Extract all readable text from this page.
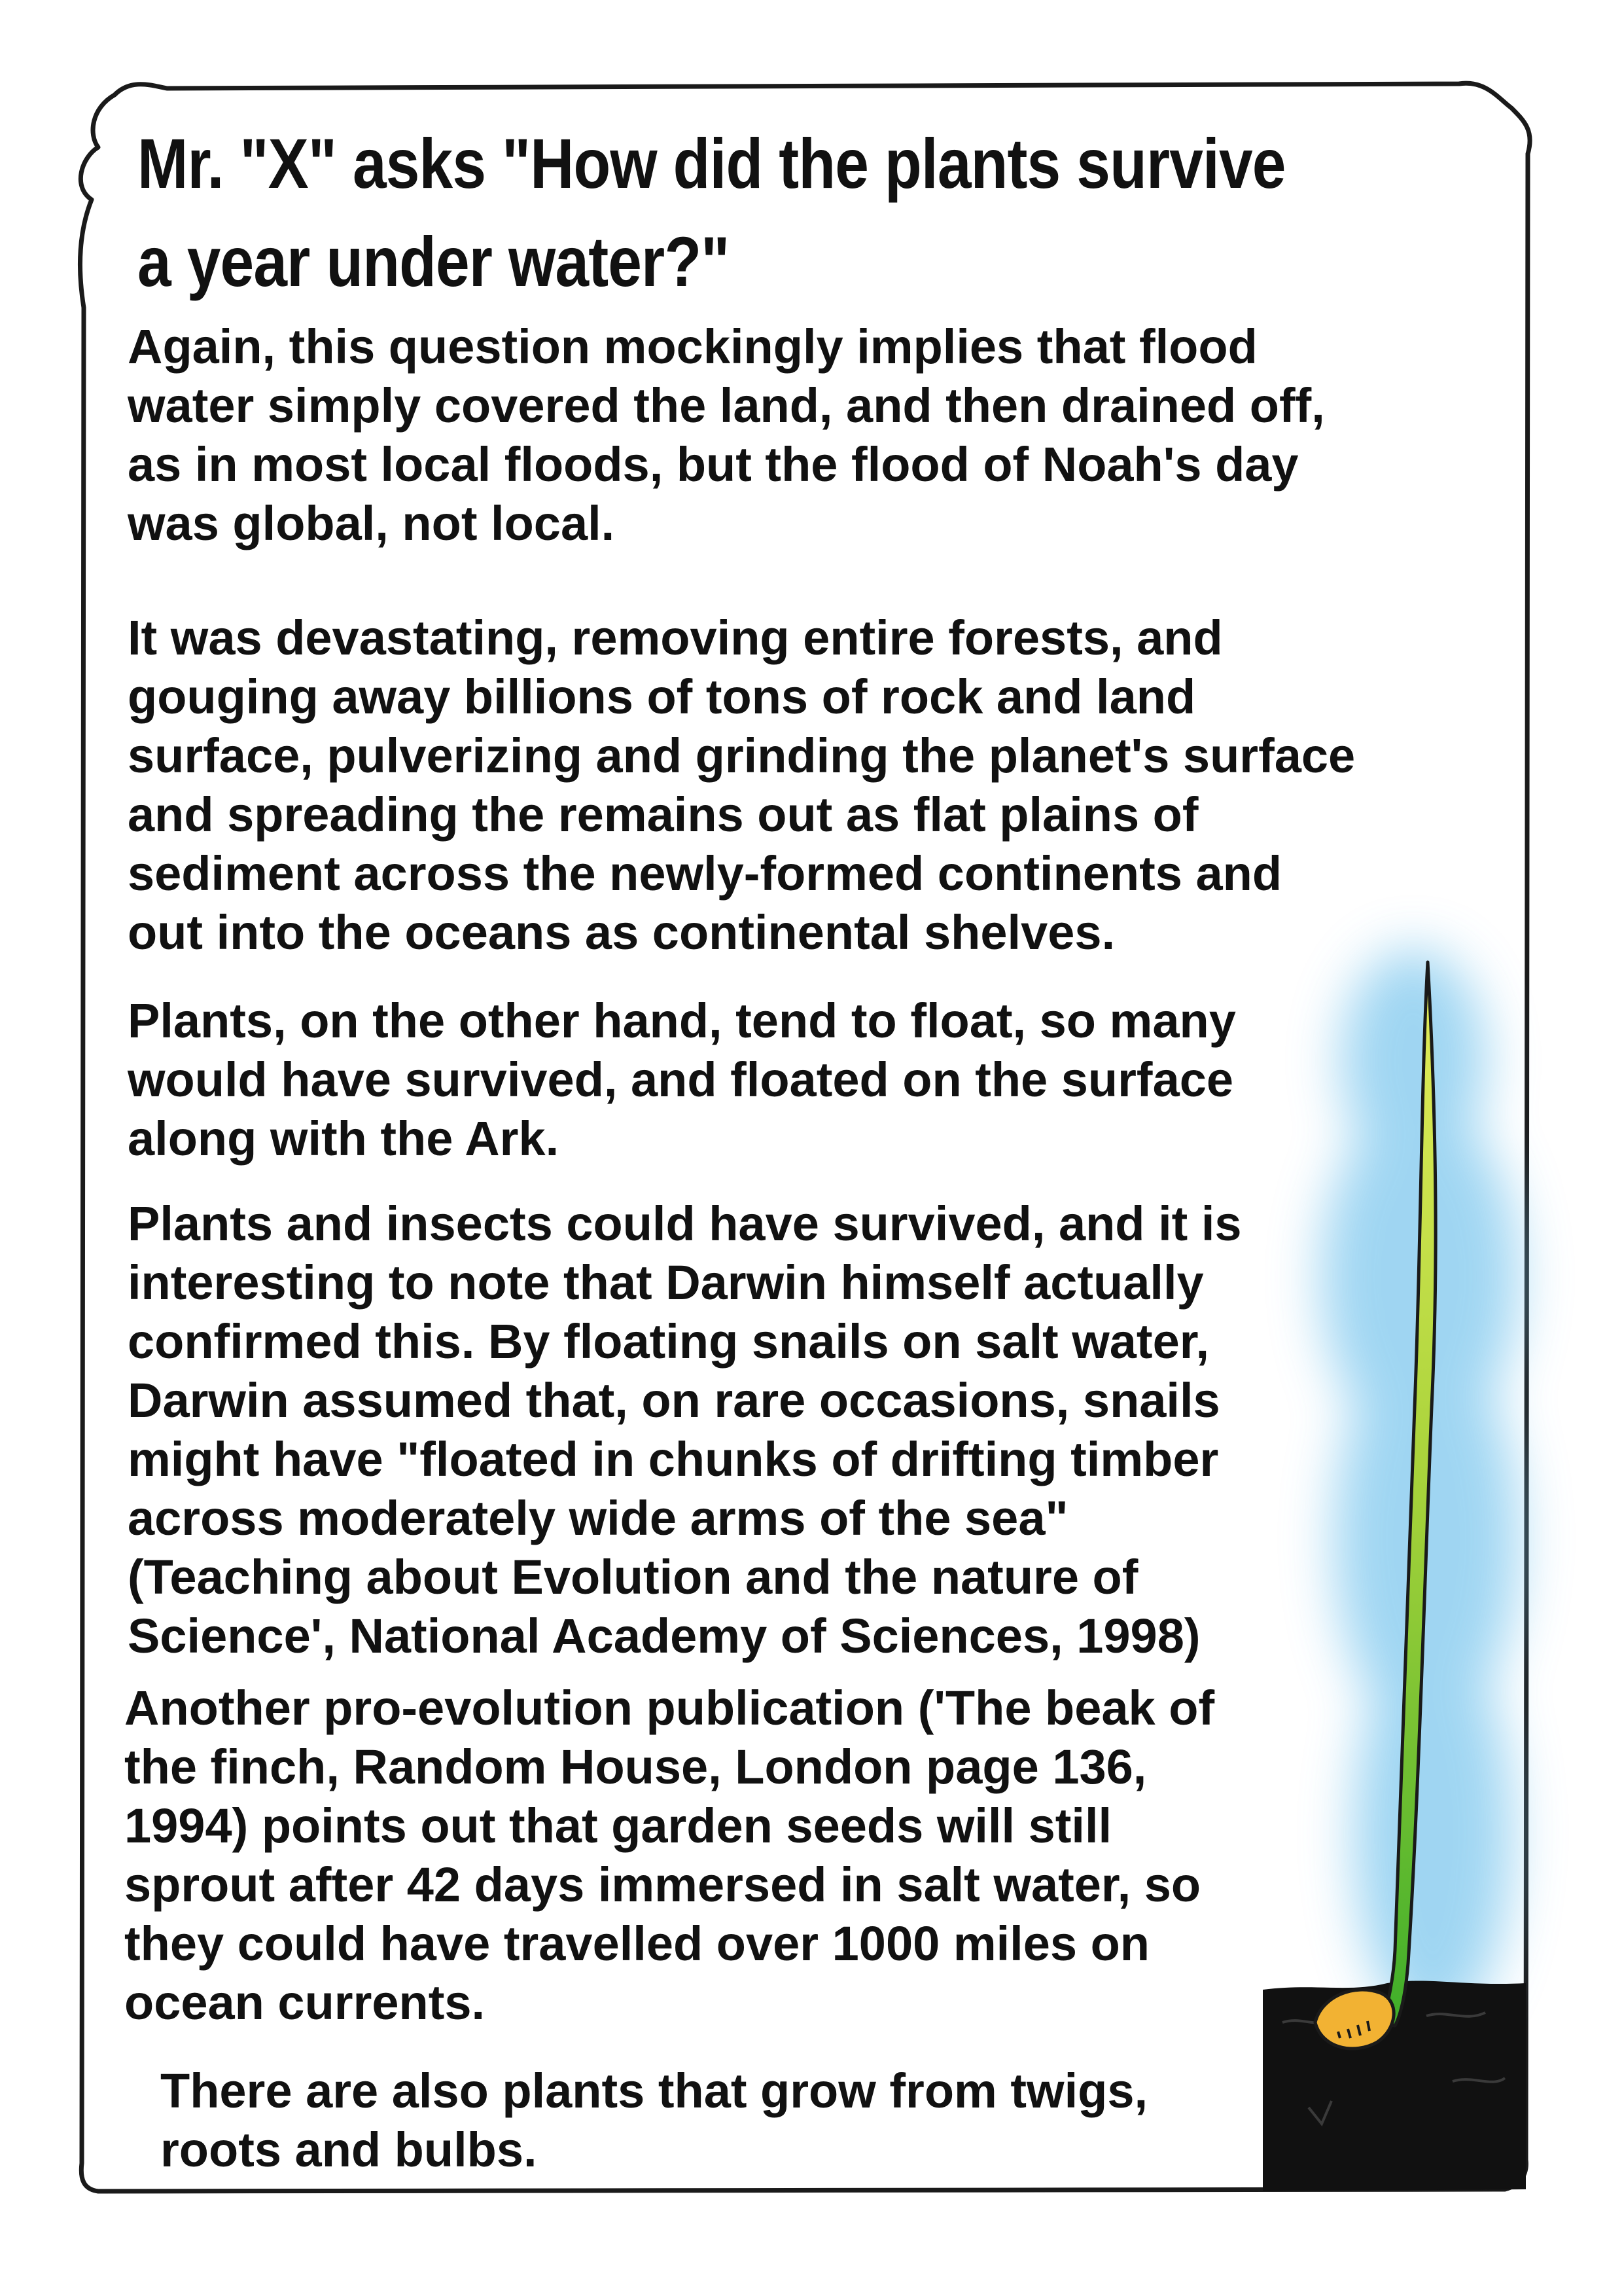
Mr. "X" asks "How did the plants survive
a year under water?"

Again, this question mockingly implies that flood
water simply covered the land, and then drained off,
as in most local floods, but the flood of Noah's day
was global, not local.

It was devastating, removing entire forests, and
gouging away billions of tons of rock and land
surface, pulverizing and grinding the planet's surface
and spreading the remains out as flat plains of
sediment across the newly-formed continents and
out into the oceans as continental shelves.

Plants, on the other hand, tend to float, so many
would have survived, and floated on the surface
along with the Ark.

Plants and insects could have survived, and it is
interesting to note that Darwin himself actually
confirmed this. By floating snails on salt water,
Darwin assumed that, on rare occasions, snails
might have "floated in chunks of drifting timber
across moderately wide arms of the sea"
(Teaching about Evolution and the nature of
Science', National Academy of Sciences, 1998)

Another pro-evolution publication ('The beak of
the finch, Random House, London page 136,
1994) points out that garden seeds will still
sprout after 42 days immersed in salt water, so
they could have travelled over 1000 miles on
ocean currents.

There are also plants that grow from twigs,
roots and bulbs.
